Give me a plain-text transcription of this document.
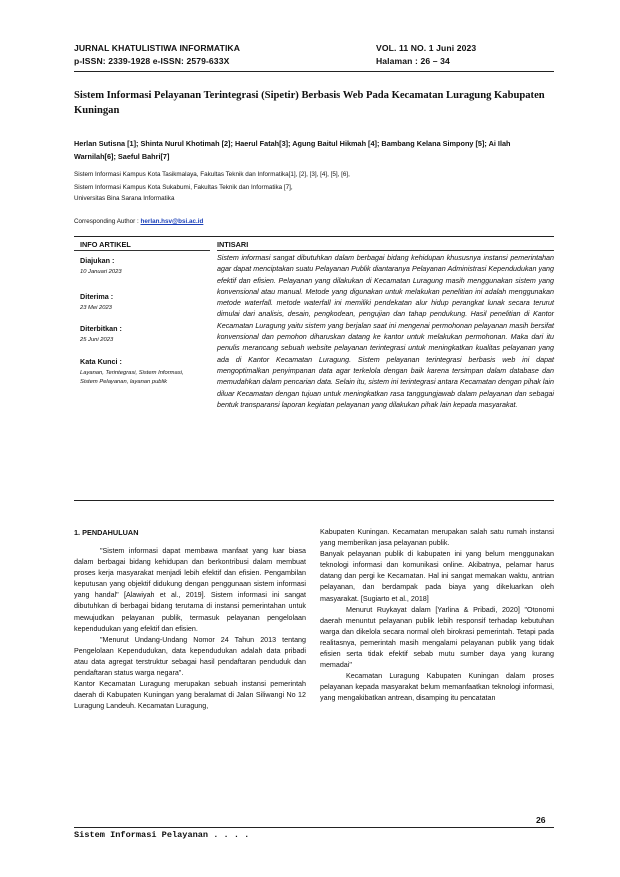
JURNAL KHATULISTIWA INFORMATIKA	VOL. 11 NO. 1 Juni 2023
p-ISSN: 2339-1928 e-ISSN: 2579-633X	Halaman : 26 – 34
Sistem Informasi Pelayanan Terintegrasi (Sipetir) Berbasis Web Pada Kecamatan Luragung Kabupaten Kuningan
Herlan Sutisna [1]; Shinta Nurul Khotimah [2]; Haerul Fatah[3]; Agung Baitul Hikmah [4]; Bambang Kelana Simpony [5]; Ai Ilah Warnilah[6]; Saeful Bahri[7]
Sistem Informasi Kampus Kota Tasikmalaya, Fakultas Teknik dan Informatika[1], [2], [3], [4], [5], [6],
Sistem Informasi Kampus Kota Sukabumi, Fakultas Teknik dan Informatika [7],
Universitas Bina Sarana Informatika
Corresponding Author : herlan.hsv@bsi.ac.id
INFO ARTIKEL	INTISARI
Diajukan :
10 Januari 2023
Diterima :
23 Mei 2023
Diterbitkan :
25 Juni 2023
Kata Kunci :
Layanan, Terintegrasi, Sistem Informasi, Sistem Pelayanan, layanan publik
Sistem informasi sangat dibutuhkan dalam berbagai bidang kehidupan khususnya instansi pemerintahan agar dapat menciptakan suatu Pelayanan Publik diantaranya Pelayanan Administrasi Kependudukan yang efektif dan efisien. Pelayanan yang dilakukan di Kecamatan Luragung masih menggunakan sistem yang konvensional atau manual. Metode yang digunakan untuk melakukan penelitian ini adalah menggunakan metode waterfall. metode waterfall ini memiliki pendekatan alur hidup perangkat lunak secara terurut dimulai dari analisis, desain, pengkodean, pengujian dan tahap pendukung. Hasil penelitian di Kantor Kecamatan Luragung yaitu sistem yang berjalan saat ini mengenai permohonan pelayanan masih bersifat konvensional dan pemohon diharuskan datang ke kantor untuk melakukan permohonan. Maka dari itu penulis merancang sebuah website pelayanan terintegrasi untuk meningkatkan kualitas pelayanan yang ada di Kantor Kecamatan Luragung. Sistem pelayanan terintegrasi berbasis web ini dapat mengoptimalkan penyimpanan data agar terkelola dengan baik karena tersimpan dalam database dan memudahkan dalam pencarian data. Selain itu, sistem ini terintegrasi antara Kecamatan dengan pihak lain diluar Kecamatan dengan tujuan untuk meningkatkan rasa tanggungjawab dalam pelayanan dan sebagai bentuk transparansi laporan kegiatan pelayanan yang dilakukan pihak lain kepada masyarakat.
1. PENDAHULUAN

"Sistem informasi dapat membawa manfaat yang luar biasa dalam berbagai bidang kehidupan dan berkontribusi dalam membuat proses kerja masyarakat menjadi lebih efektif dan efisien. Pengambilan keputusan yang objektif didukung dengan penggunaan sistem informasi yang handal" [Alawiyah et al., 2019]. Sistem informasi ini sangat dibutuhkan di berbagai bidang terutama di instansi pemerintahan untuk mewujudkan pelayanan publik, termasuk pelayanan pengelolaan kependudukan yang efektif dan efisien.

"Menurut Undang-Undang Nomor 24 Tahun 2013 tentang Pengelolaan Kependudukan, data kependudukan adalah data pribadi atau data agregat terstruktur sebagai hasil pendaftaran penduduk dan pendaftaran status warga negara".

Kantor Kecamatan Luragung merupakan sebuah instansi pemerintah daerah di Kabupaten Kuningan yang beralamat di Jalan Siliwangi No 12 Luragung Landeuh. Kecamatan Luragung,

Kabupaten Kuningan. Kecamatan merupakan salah satu rumah instansi yang memberikan jasa pelayanan publik.

Banyak pelayanan publik di kabupaten ini yang belum menggunakan teknologi informasi dan komunikasi online. Akibatnya, pelamar harus datang dan pergi ke Kecamatan. Hal ini sangat memakan waktu, antrian pelayanan, dan berdampak pada biaya yang dikeluarkan oleh masyarakat. [Sugiarto et al., 2018]

Menurut Ruykayat dalam [Yarlina & Pribadi, 2020] "Otonomi daerah menuntut pelayanan publik lebih responsif terhadap kebutuhan warga dan dikelola secara normal oleh birokrasi pemerintah. Tetapi pada realitasnya, pemerintah masih mengalami pelayanan publik yang tidak efisien serta tidak efektif sebab mutu sumber daya yang kurang memadai"

Kecamatan Luragung Kabupaten Kuningan dalam proses pelayanan kepada masyarakat belum memanfaatkan teknologi informasi, yang mengakibatkan antrean, disamping itu pencatatan

26
Sistem Informasi Pelayanan . . . .
